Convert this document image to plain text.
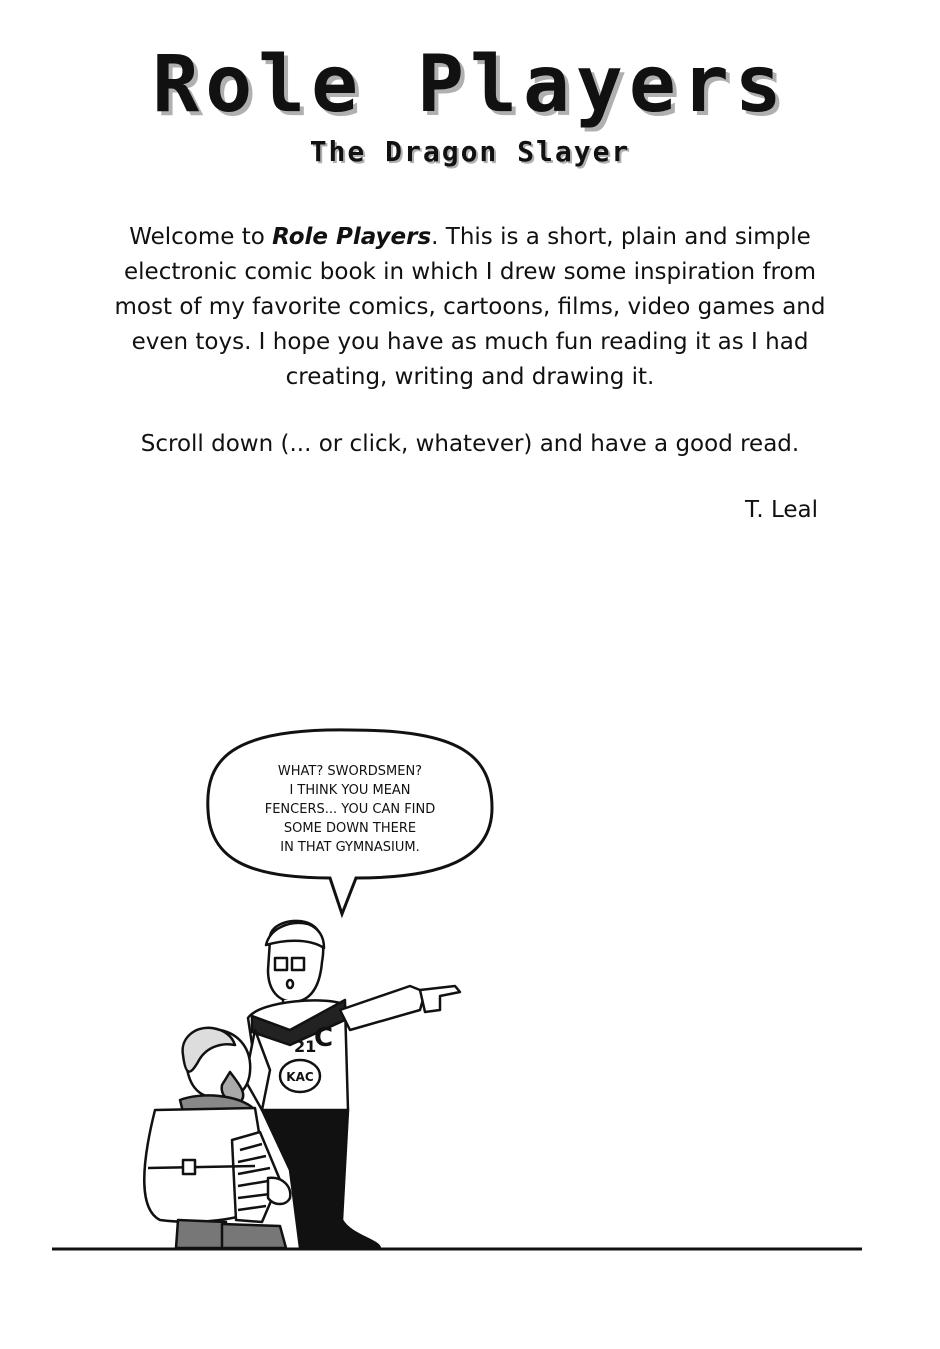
Role Players
The Dragon Slayer

Welcome to Role Players. This is a short, plain and simple electronic comic book in which I drew some inspiration from most of my favorite comics, cartoons, films, video games and even toys. I hope you have as much fun reading it as I had creating, writing and drawing it.

Scroll down (... or click, whatever) and have a good read.

T. Leal

WHAT? SWORDSMEN?
I THINK YOU MEAN
FENCERS... YOU CAN FIND
SOME DOWN THERE
IN THAT GYMNASIUM.
21
C
KAC
